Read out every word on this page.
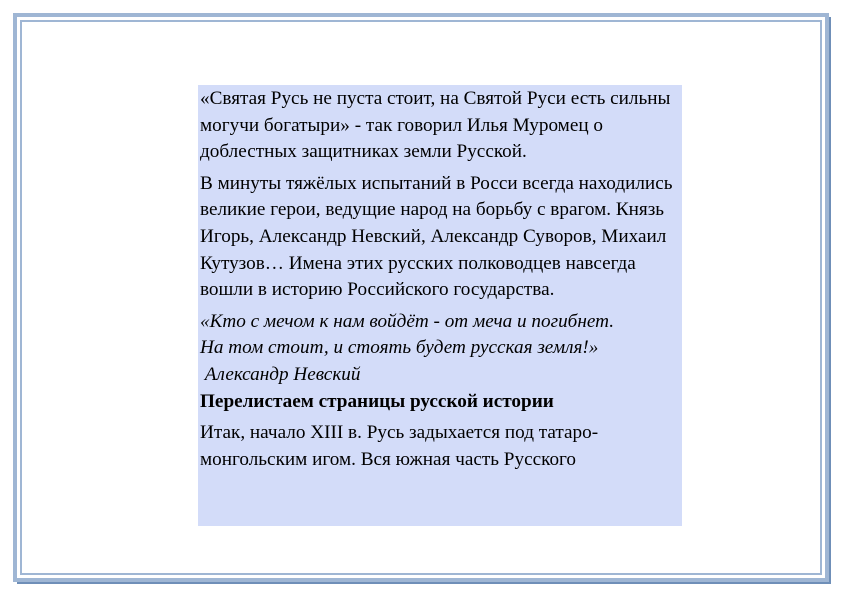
«Святая Русь не пуста стоит, на Святой Руси есть сильны могучи богатыри» - так говорил Илья Муромец о доблестных защитниках земли Русской.

В минуты тяжёлых испытаний в Росси всегда находились великие герои, ведущие народ на борьбу с врагом. Князь Игорь, Александр Невский, Александр Суворов, Михаил Кутузов… Имена этих русских полководцев навсегда вошли в историю Российского государства.

«Кто с мечом к нам войдёт - от меча и погибнет.

На том стоит, и стоять будет русская земля!»

Александр Невский

Перелистаем страницы русской истории

Итак, начало XIII в. Русь задыхается под татаро-монгольским игом. Вся южная часть Русского
